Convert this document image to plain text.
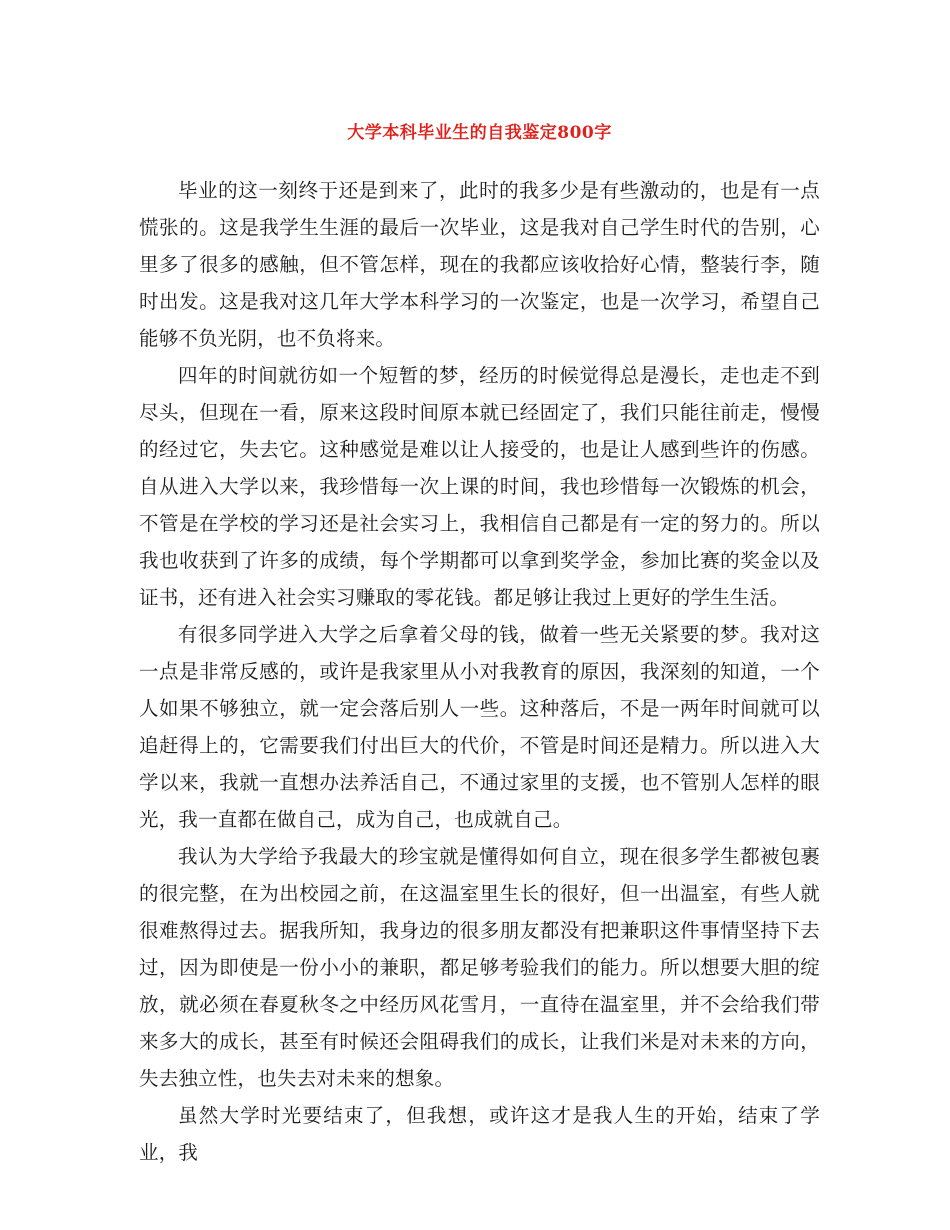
大学本科毕业生的自我鉴定800字

毕业的这一刻终于还是到来了，此时的我多少是有些激动的，也是有一点慌张的。这是我学生生涯的最后一次毕业，这是我对自己学生时代的告别，心里多了很多的感触，但不管怎样，现在的我都应该收拾好心情，整装行李，随时出发。这是我对这几年大学本科学习的一次鉴定，也是一次学习，希望自己能够不负光阴，也不负将来。

四年的时间就彷如一个短暂的梦，经历的时候觉得总是漫长，走也走不到尽头，但现在一看，原来这段时间原本就已经固定了，我们只能往前走，慢慢的经过它，失去它。这种感觉是难以让人接受的，也是让人感到些许的伤感。自从进入大学以来，我珍惜每一次上课的时间，我也珍惜每一次锻炼的机会，不管是在学校的学习还是社会实习上，我相信自己都是有一定的努力的。所以我也收获到了许多的成绩，每个学期都可以拿到奖学金，参加比赛的奖金以及证书，还有进入社会实习赚取的零花钱。都足够让我过上更好的学生生活。

有很多同学进入大学之后拿着父母的钱，做着一些无关紧要的梦。我对这一点是非常反感的，或许是我家里从小对我教育的原因，我深刻的知道，一个人如果不够独立，就一定会落后别人一些。这种落后，不是一两年时间就可以追赶得上的，它需要我们付出巨大的代价，不管是时间还是精力。所以进入大学以来，我就一直想办法养活自己，不通过家里的支援，也不管别人怎样的眼光，我一直都在做自己，成为自己，也成就自己。

我认为大学给予我最大的珍宝就是懂得如何自立，现在很多学生都被包裹的很完整，在为出校园之前，在这温室里生长的很好，但一出温室，有些人就很难熬得过去。据我所知，我身边的很多朋友都没有把兼职这件事情坚持下去过，因为即使是一份小小的兼职，都足够考验我们的能力。所以想要大胆的绽放，就必须在春夏秋冬之中经历风花雪月，一直待在温室里，并不会给我们带来多大的成长，甚至有时候还会阻碍我们的成长，让我们米是对未来的方向，失去独立性，也失去对未来的想象。

虽然大学时光要结束了，但我想，或许这才是我人生的开始，结束了学业，我
